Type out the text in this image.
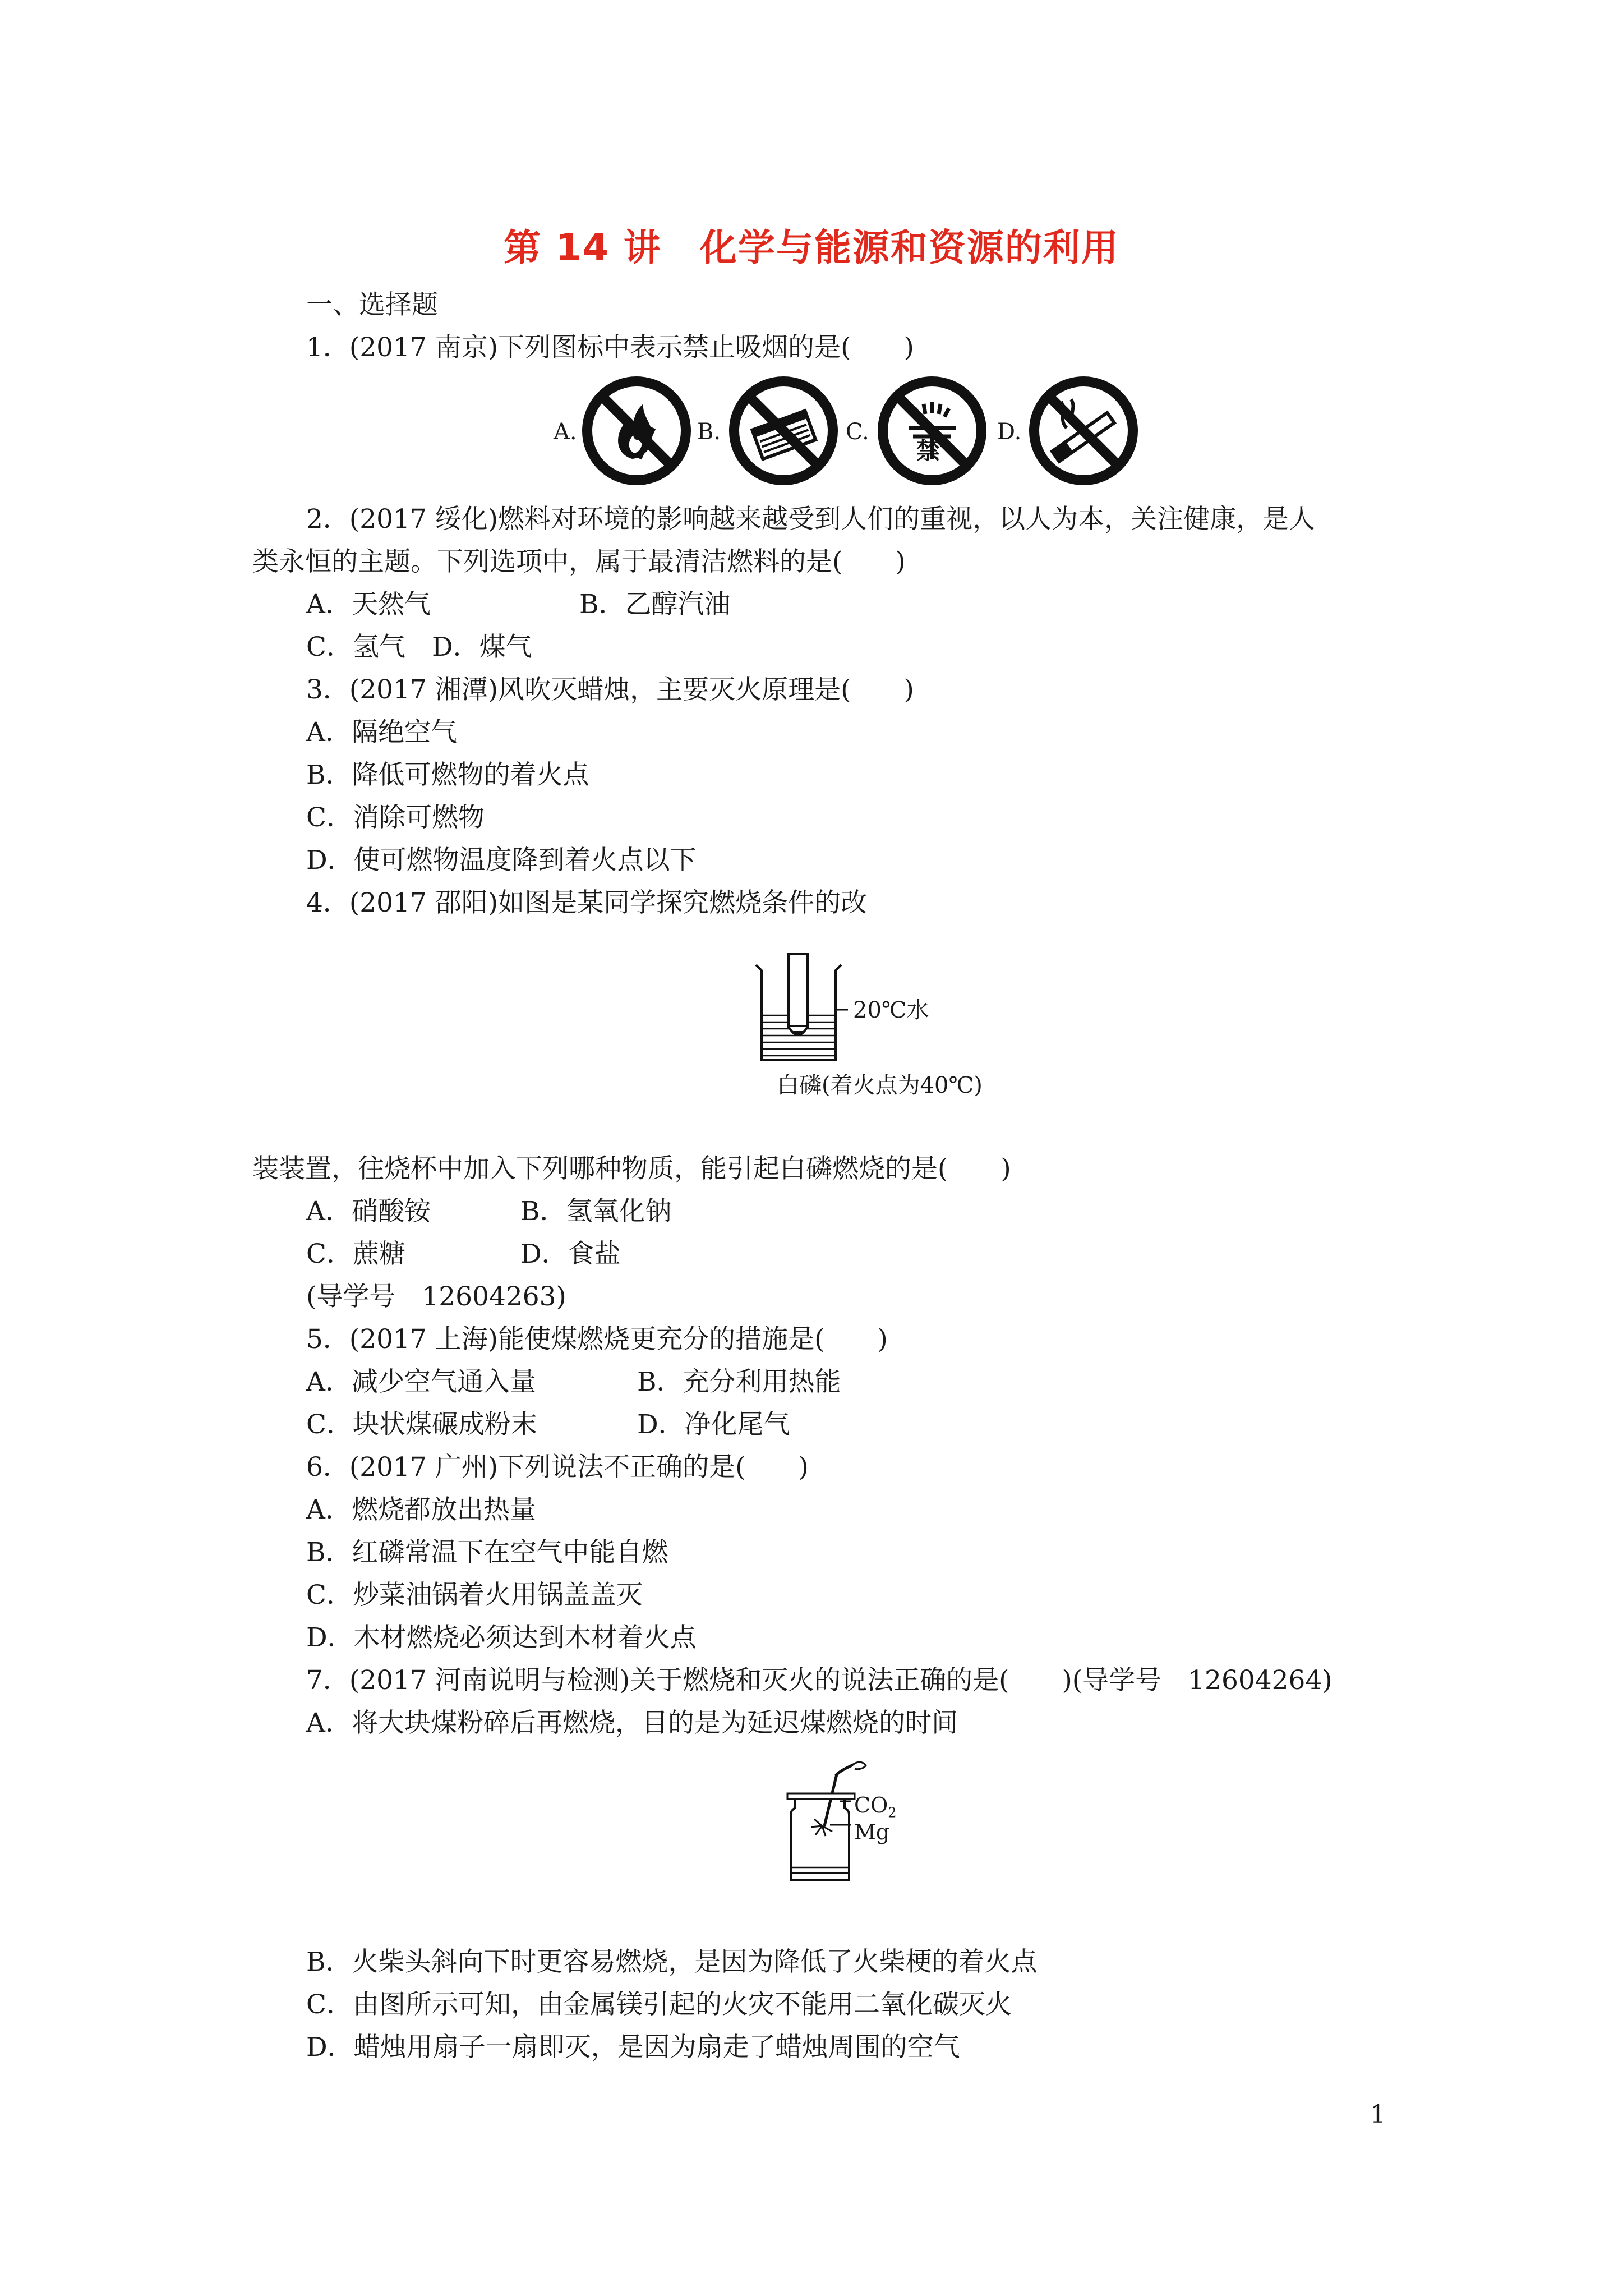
第 14 讲　化学与能源和资源的利用
一、选择题
1．(2017 南京)下列图标中表示禁止吸烟的是(　　)
A.	B.	C.	D.
禁
2．(2017 绥化)燃料对环境的影响越来越受到人们的重视，以人为本，关注健康，是人
类永恒的主题。下列选项中，属于最清洁燃料的是(　　)
A．天然气	B．乙醇汽油
C．氢气　D．煤气
3．(2017 湘潭)风吹灭蜡烛，主要灭火原理是(　　)
A．隔绝空气
B．降低可燃物的着火点
C．消除可燃物
D．使可燃物温度降到着火点以下
4．(2017 邵阳)如图是某同学探究燃烧条件的改
20℃水
白磷(着火点为40℃)
装装置，往烧杯中加入下列哪种物质，能引起白磷燃烧的是(　　)
A．硝酸铵	B．氢氧化钠
C．蔗糖	D．食盐
(导学号　12604263)
5．(2017 上海)能使煤燃烧更充分的措施是(　　)
A．减少空气通入量	B．充分利用热能
C．块状煤碾成粉末	D．净化尾气
6．(2017 广州)下列说法不正确的是(　　)
A．燃烧都放出热量
B．红磷常温下在空气中能自燃
C．炒菜油锅着火用锅盖盖灭
D．木材燃烧必须达到木材着火点
7．(2017 河南说明与检测)关于燃烧和灭火的说法正确的是(　　)(导学号　12604264)
A．将大块煤粉碎后再燃烧，目的是为延迟煤燃烧的时间
$CO_2$
Mg
B．火柴头斜向下时更容易燃烧，是因为降低了火柴梗的着火点
C．由图所示可知，由金属镁引起的火灾不能用二氧化碳灭火
D．蜡烛用扇子一扇即灭，是因为扇走了蜡烛周围的空气
1
